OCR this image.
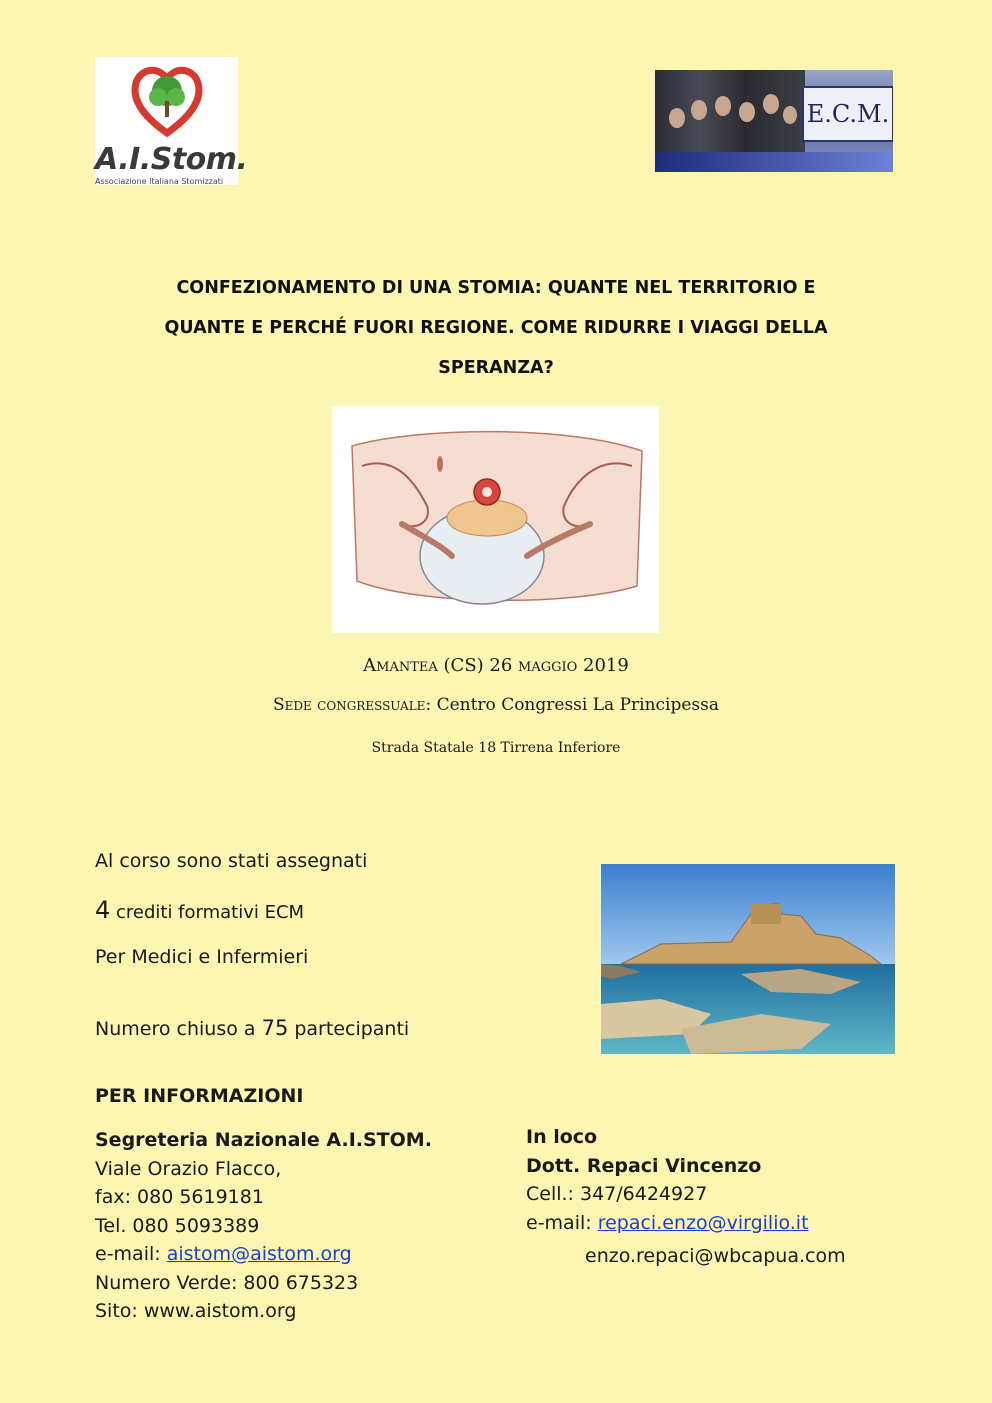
A.I.Stom.
Associazione Italiana Stomizzati
E.C.M.
CONFEZIONAMENTO DI UNA STOMIA: QUANTE NEL TERRITORIO E
QUANTE E PERCHÉ FUORI REGIONE. COME RIDURRE I VIAGGI DELLA
SPERANZA?
Amantea (CS) 26 maggio 2019
Sede congressuale: Centro Congressi La Principessa
Strada Statale 18 Tirrena Inferiore
Al corso sono stati assegnati
4 crediti formativi ECM
Per Medici e Infermieri
Numero chiuso a 75 partecipanti
PER INFORMAZIONI
Segreteria Nazionale A.I.STOM.
Viale Orazio Flacco,
fax: 080 5619181
Tel. 080 5093389
e-mail: aistom@aistom.org
Numero Verde: 800 675323
Sito: www.aistom.org
In loco
Dott. Repaci Vincenzo
Cell.: 347/6424927
e-mail: repaci.enzo@virgilio.it
enzo.repaci@wbcapua.com
